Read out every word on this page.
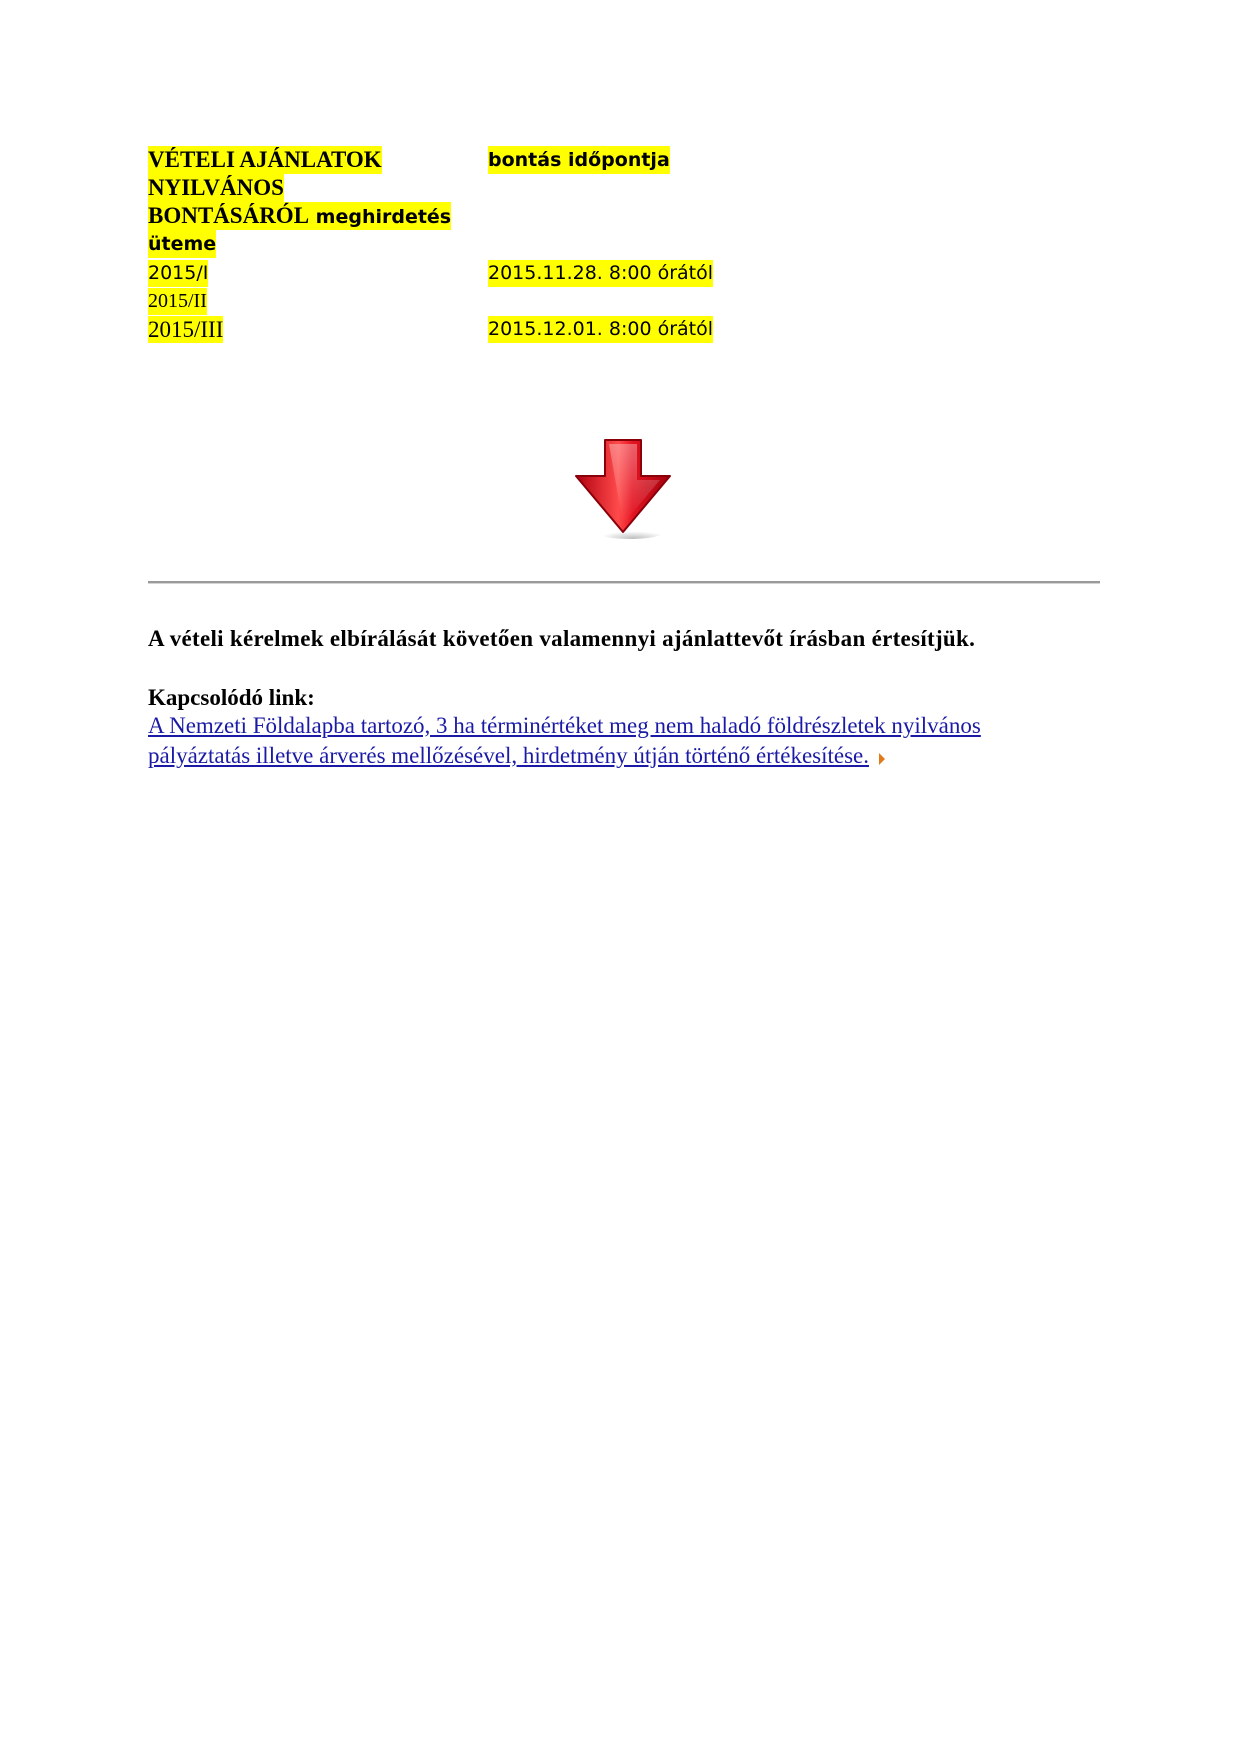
VÉTELI AJÁNLATOK
NYILVÁNOS
BONTÁSÁRÓL meghirdetés
üteme
bontás időpontja
2015/I	2015.11.28. 8:00 órától
2015/II
2015/III	2015.12.01. 8:00 órától
A vételi kérelmek elbírálását követően valamennyi ajánlattevőt írásban értesítjük.
Kapcsolódó link:
A Nemzeti Földalapba tartozó, 3 ha términértéket meg nem haladó földrészletek nyilvános
pályáztatás illetve árverés mellőzésével, hirdetmény útján történő értékesítése.
